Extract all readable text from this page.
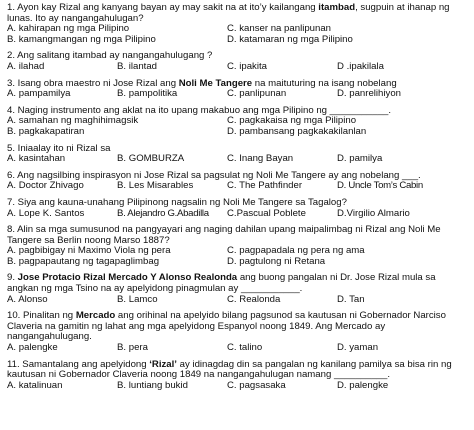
1. Ayon kay Rizal ang kanyang bayan ay may sakit na at ito’y kailangang itambad, sugpuin at ihanap ng lunas. Ito ay nangangahulugan?
A. kahirapan ng mga Pilipino	C. kanser na panlipunan
B. kamangmangan ng mga Pilipino	D. katamaran ng mga Pilipino
2. Ang salitang itambad ay nangangahulugang ?
A. ilahad	B. ilantad	C. ipakita	D .ipakilala
3. Isang obra maestro ni Jose Rizal ang Noli Me Tangere na maituturing na isang nobelang
A. pampamilya	B. pampolitika	C. panlipunan	D. panrelihiyon
4. Naging instrumento ang aklat na ito upang makabuo ang mga Pilipino ng ___________.
A. samahan ng maghihimagsik	C. pagkakaisa ng mga Pilipino
B. pagkakapatiran	D. pambansang pagkakakilanlan
5. Iniaalay ito ni Rizal sa
A. kasintahan	B. GOMBURZA	C. Inang Bayan	D. pamilya
6. Ang nagsilbing inspirasyon ni Jose Rizal sa pagsulat ng Noli Me Tangere ay ang nobelang ___.
A. Doctor Zhivago	B. Les Misarables	C. The Pathfinder	D. Uncle Tom’s Cabin
7. Siya ang kauna-unahang Pilipinong nagsalin ng Noli Me Tangere sa Tagalog?
A. Lope K. Santos	B. Alejandro G.Abadilla	C.Pascual Poblete	D.Virgilio Almario
8. Alin sa mga sumusunod na pangyayari ang naging dahilan upang maipalimbag ni Rizal ang Noli Me Tangere sa Berlin noong Marso 1887?
A. pagbibigay ni Maximo Viola ng pera	C. pagpapadala ng pera ng ama
B. pagpapautang ng tagapaglimbag	D. pagtulong ni Retana
9. Jose Protacio Rizal Mercado Y Alonso Realonda ang buong pangalan ni Dr. Jose Rizal mula sa angkan ng mga Tsino na ay apelyidong pinagmulan ay ___________.
A. Alonso	B. Lamco	C. Realonda	D. Tan
10. Pinalitan ng Mercado ang orihinal na apelyido bilang pagsunod sa kautusan ni Gobernador Narciso Claveria na gamitin ng lahat ang mga apelyidong Espanyol noong 1849. Ang Mercado ay nangangahulugang.
A. palengke	B. pera	C. talino	D. yaman
11. Samantalang ang apelyidong ‘Rizal’ ay idinagdag din sa pangalan ng kanilang pamilya sa bisa rin ng kautusan ni Gobernador Claveria noong 1849 na nangangahulugan namang __________.
A. katalinuan	B. luntiang bukid	C. pagsasaka	D. palengke
